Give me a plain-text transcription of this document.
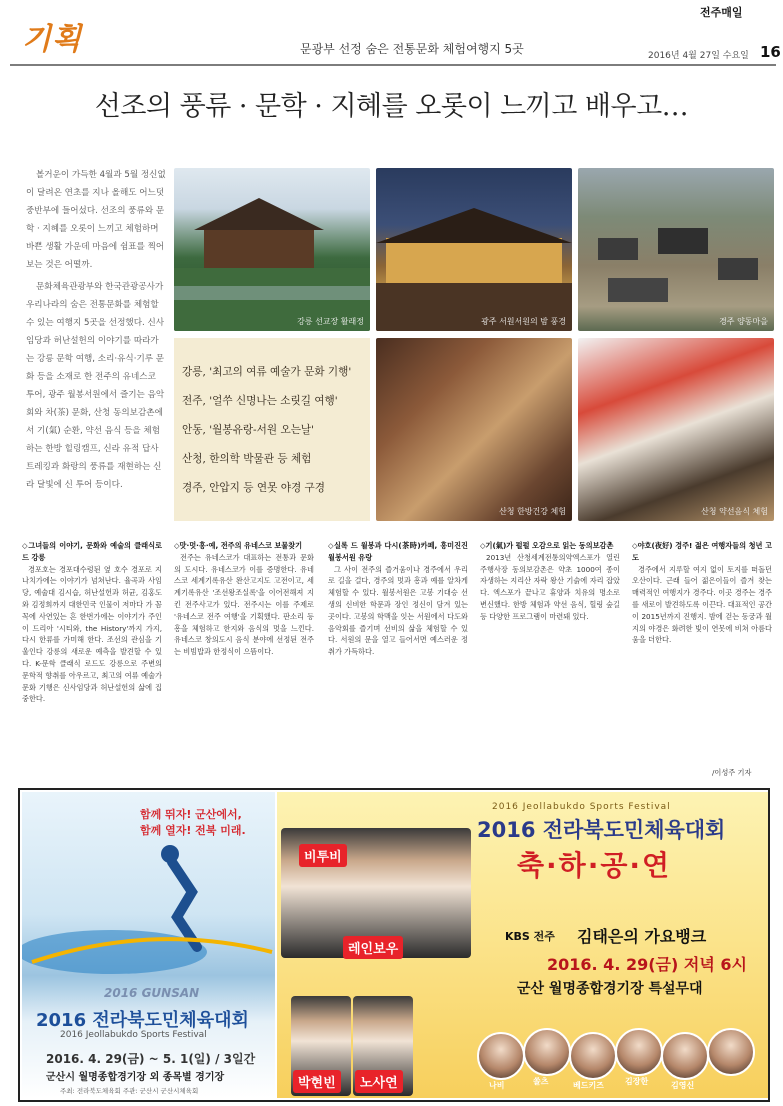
기획	문광부 선정 숨은 전통문화 체험여행지 5곳
전주매일
2016년 4월 27일 수요일 16
선조의 풍류 · 문학 · 지혜를 오롯이 느끼고 배우고…

볼거운이 가득한 4월과 5월 정신없이 달려온 연초를 지나 올해도 어느덧 중반부에 들어섰다. 선조의 풍류와 문학 · 지혜를 오롯이 느끼고 체험하며 바쁜 생활 가운데 마음에 쉼표를 찍어 보는 것은 어떨까.

문화체육관광부와 한국관광공사가 우리나라의 숨은 전통문화를 체험할 수 있는 여행지 5곳을 선정했다. 신사임당과 허난설헌의 이야기를 따라가는 강릉 문학 여행, 소리·유식·기루 문화 등을 소재로 한 전주의 유네스코 투어, 광주 월봉서원에서 즐기는 음악회와 차(茶) 문화, 산청 동의보감촌에서 기(氣) 순환, 약선 음식 등을 체험하는 한방 힐링캠프, 신라 유적 답사 트레킹과 화랑의 풍류를 재현하는 신라 달빛에 신 투어 등이다.

강릉 선교장 활래정	광주 서원서원의 밤 풍경	경주 양동마을
강릉, '최고의 여류 예술가 문화 기행'
전주, '얼쑤 신명나는 소릿길 여행'
안동, '월봉유랑-서원 오는날'
산청, 한의학 박물관 등 체험
경주, 안압지 등 연못 야경 구경
산청 한방건강 체험	산청 약선음식 체험
◇그녀들의 이야기, 문화와 예술의 클래식로드 강릉

경포호는 경포대수렁된 옆 호수 경포로 지나치가에는 이야기가 넘쳐난다. 율곡과 사임당, 예술대 김시습, 허난설헌과 허균, 김홍도와 김정희까지 대한민국 인물이 저마다 가 꼼꼭에 사연있는 흔 한번가에는 이야기가 주인이 드리아 '시티와, the History'까지 가지, 다시 한류를 가미해 한다. 조선의 관심을 기울인다 강릉의 새로운 예측을 발견할 수 있다. K-문학 클래식 로드도 강릉으로 주변의 문학적 향취를 아우르고, 최고의 여류 예술가 문화 기행은 신사임당과 허난설헌의 삶에 집중한다.

◇맛·멋·흥·예, 전주의 유네스코 보물찾기

전주는 유네스코가 대표하는 전통과 문화의 도시다. 유네스코가 이를 증명한다. 유네스코 세계기록유산 완산고지도 고전이고, 세계기록유산 '조선왕조실록'을 이어전해져 지킨 전주사고가 있다. 전주시는 이를 주제로 '유네스코 전주 여행'을 기획했다. 판소리 등 흥을 체험하고 한지와 음식의 멋을 느낀다. 유네스코 창의도시 음식 분야에 선정된 전주는 비빔밥과 한정식이 으뜸이다.

◇실록 드 월봉과 다시(茶時)카페, 흥미진진 월봉서원 유랑

그 사이 전주의 즐거움이나 경주에서 우리로 길을 걸다, 경주의 멋과 흥과 예를 알차게 체험할 수 있다. 월봉서원은 고봉 기대승 선생의 신비한 학문과 장인 정신이 담겨 있는 곳이다. 고봉의 학맥을 잇는 서원에서 다도와 음악회를 즐기며 선비의 삶을 체험할 수 있다. 서원의 문을 열고 들어서면 예스러운 정취가 가득하다.

◇기(氣)가 펄펄 오감으로 읽는 동의보감촌

2013년 산청세계전통의약엑스포가 열린 주행사장 동의보감촌은 약초 1000여 종이 자생하는 지리산 자락 왕산 기슭에 자리 잡았다. 엑스포가 끝나고 휴양과 치유의 명소로 변신했다. 한방 체험과 약선 음식, 힐링 숲길 등 다양한 프로그램이 마련돼 있다.

◇야호(夜好) 경주! 젊은 여행자들의 청년 고도

경주에서 지루할 여지 없이 토지를 떠돌던 오산이다. 근래 들어 젊은이들이 즐겨 찾는 매력적인 여행지가 경주다. 이곳 경주는 경주를 새로이 발견하도록 이끈다. 대표적인 공간이 2015년까지 진행지. 밤에 걷는 동궁과 월지의 야경은 화려한 빛이 연못에 비쳐 아름다움을 더한다.

/이성주 기자
함께 뛰자! 군산에서,
함께 열자! 전북 미래.
2016 GUNSAN
2016 전라북도민체육대회
2016 Jeollabukdo Sports Festival
2016. 4. 29(금) ~ 5. 1(일) / 3일간
군산시 월명종합경기장 외 종목별 경기장
주최: 전라북도체육회 주관: 군산시 군산시체육회
2016 Jeollabukdo Sports Festival
2016 전라북도민체육대회
축·하·공·연
비투비
레인보우
KBS 전주 김태은의 가요뱅크
2016. 4. 29(금) 저녁 6시
군산 월명종합경기장 특설무대
박현빈	노사연	나비	쏠츠	베드키즈	김장한	김영신
